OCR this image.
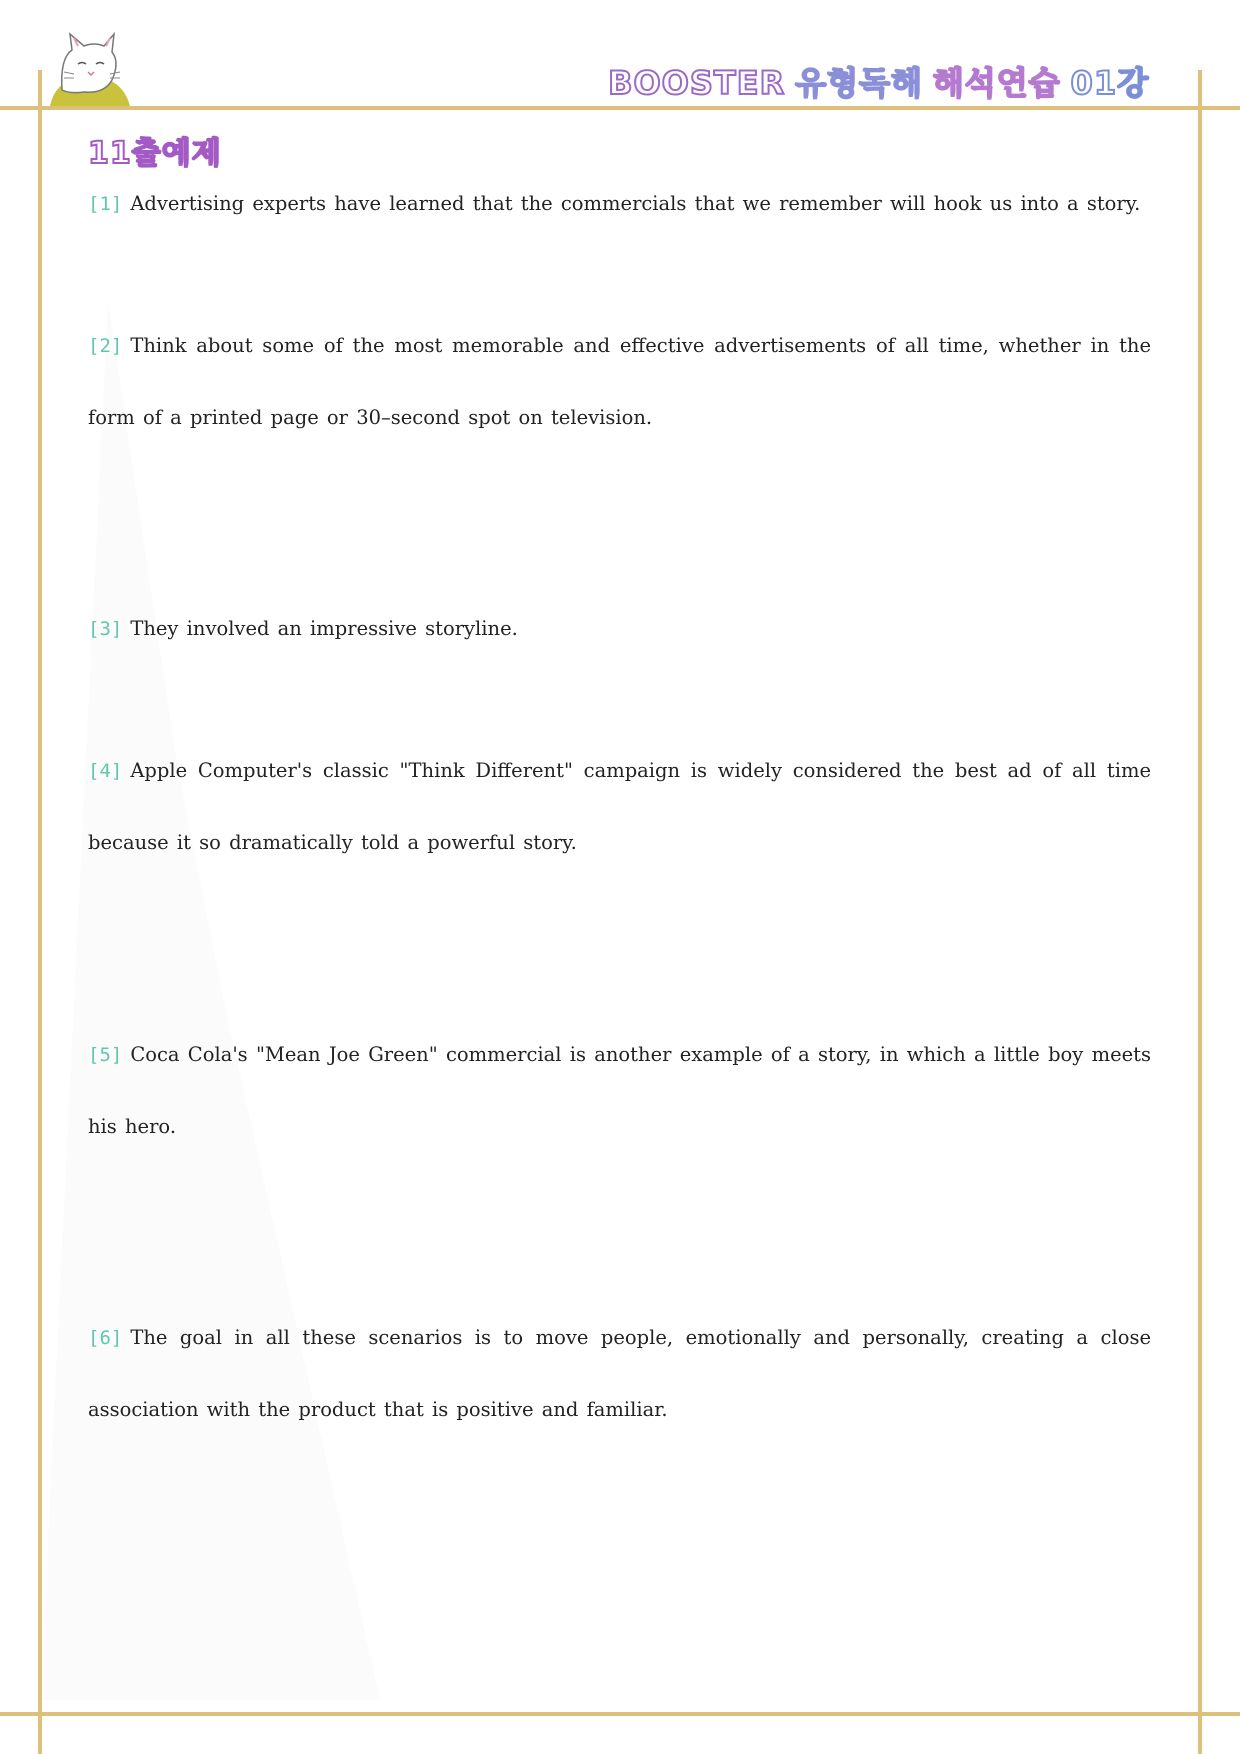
BOOSTER 유형독해 해석연습 01강
11출예제
[1] Advertising experts have learned that the commercials that we remember will hook us into a story.
[2] Think about some of the most memorable and effective advertisements of all time, whether in the form of a printed page or 30–second spot on television.
[3] They involved an impressive storyline.
[4] Apple Computer's classic "Think Different" campaign is widely considered the best ad of all time because it so dramatically told a powerful story.
[5] Coca Cola's "Mean Joe Green" commercial is another example of a story, in which a little boy meets his hero.
[6] The goal in all these scenarios is to move people, emotionally and personally, creating a close association with the product that is positive and familiar.
